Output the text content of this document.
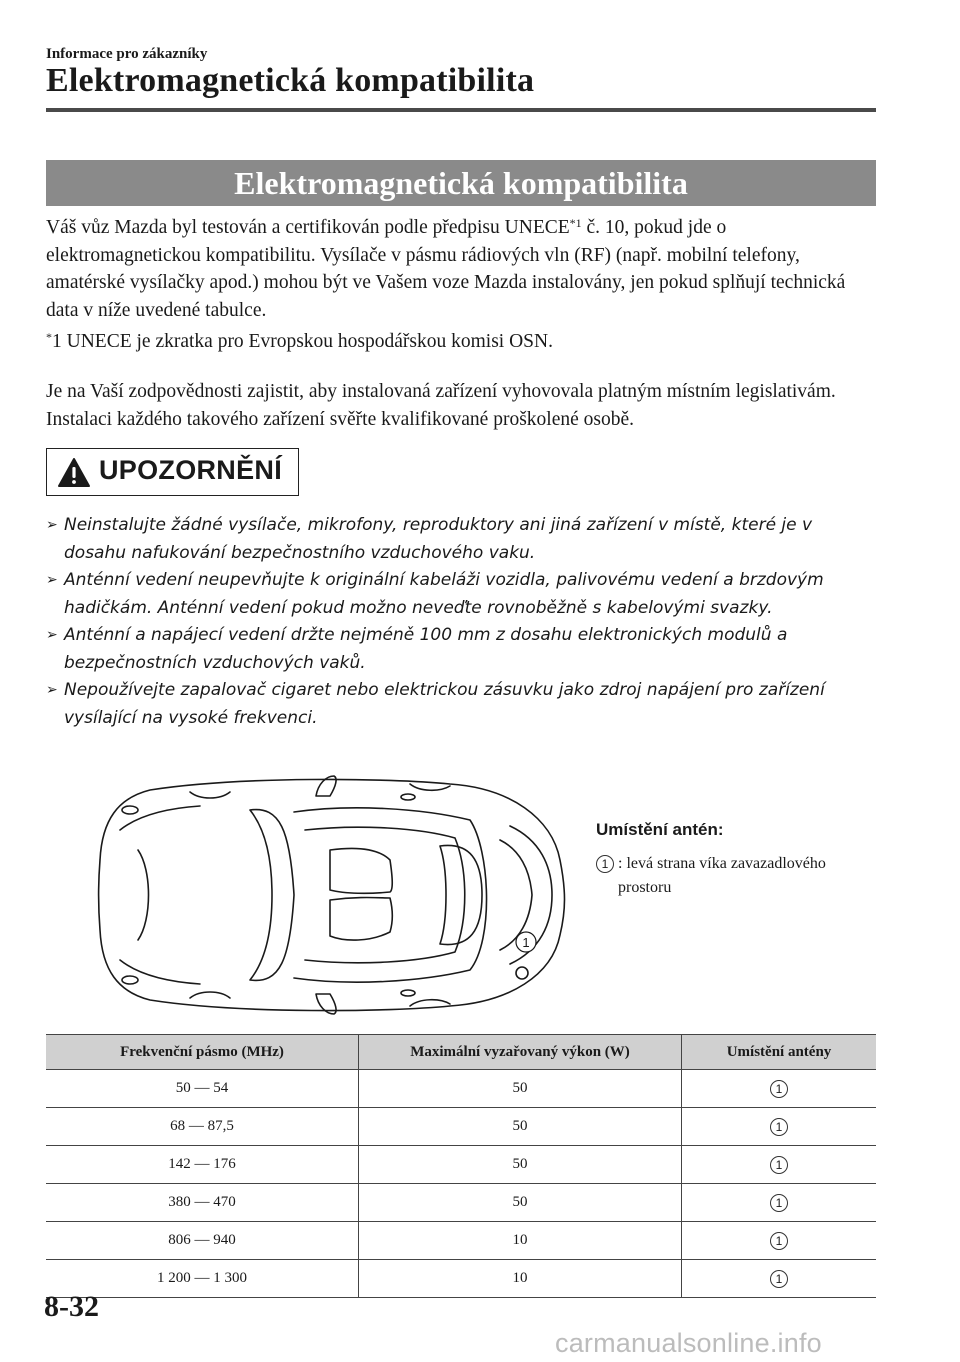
Informace pro zákazníky
Elektromagnetická kompatibilita
Elektromagnetická kompatibilita
Váš vůz Mazda byl testován a certifikován podle předpisu UNECE$^{*1}$ č. 10, pokud jde o elektromagnetickou kompatibilitu. Vysílače v pásmu rádiových vln (RF) (např. mobilní telefony, amatérské vysílačky apod.) mohou být ve Vašem voze Mazda instalovány, jen pokud splňují technická data v níže uvedené tabulce.
*1 UNECE je zkratka pro Evropskou hospodářskou komisi OSN.
Je na Vaší zodpovědnosti zajistit, aby instalovaná zařízení vyhovovala platným místním legislativám. Instalaci každého takového zařízení svěřte kvalifikované proškolené osobě.
UPOZORNĚNÍ
➢ Neinstalujte žádné vysílače, mikrofony, reproduktory ani jiná zařízení v místě, které je v dosahu nafukování bezpečnostního vzduchového vaku.
➢ Anténní vedení neupevňujte k originální kabeláži vozidla, palivovému vedení a brzdovým hadičkám. Anténní vedení pokud možno neveďte rovnoběžně s kabelovými svazky.
➢ Anténní a napájecí vedení držte nejméně 100 mm z dosahu elektronických modulů a bezpečnostních vzduchových vaků.
➢ Nepoužívejte zapalovač cigaret nebo elektrickou zásuvku jako zdroj napájení pro zařízení vysílající na vysoké frekvenci.
1
Umístění antén:
1 : levá strana víka zavazadlového prostoru
Frekvenční pásmo (MHz)	Maximální vyzařovaný výkon (W)	Umístění antény
50 — 54	50	1
68 — 87,5	50	1
142 — 176	50	1
380 — 470	50	1
806 — 940	10	1
1 200 — 1 300	10	1
8-32
carmanualsonline.info
